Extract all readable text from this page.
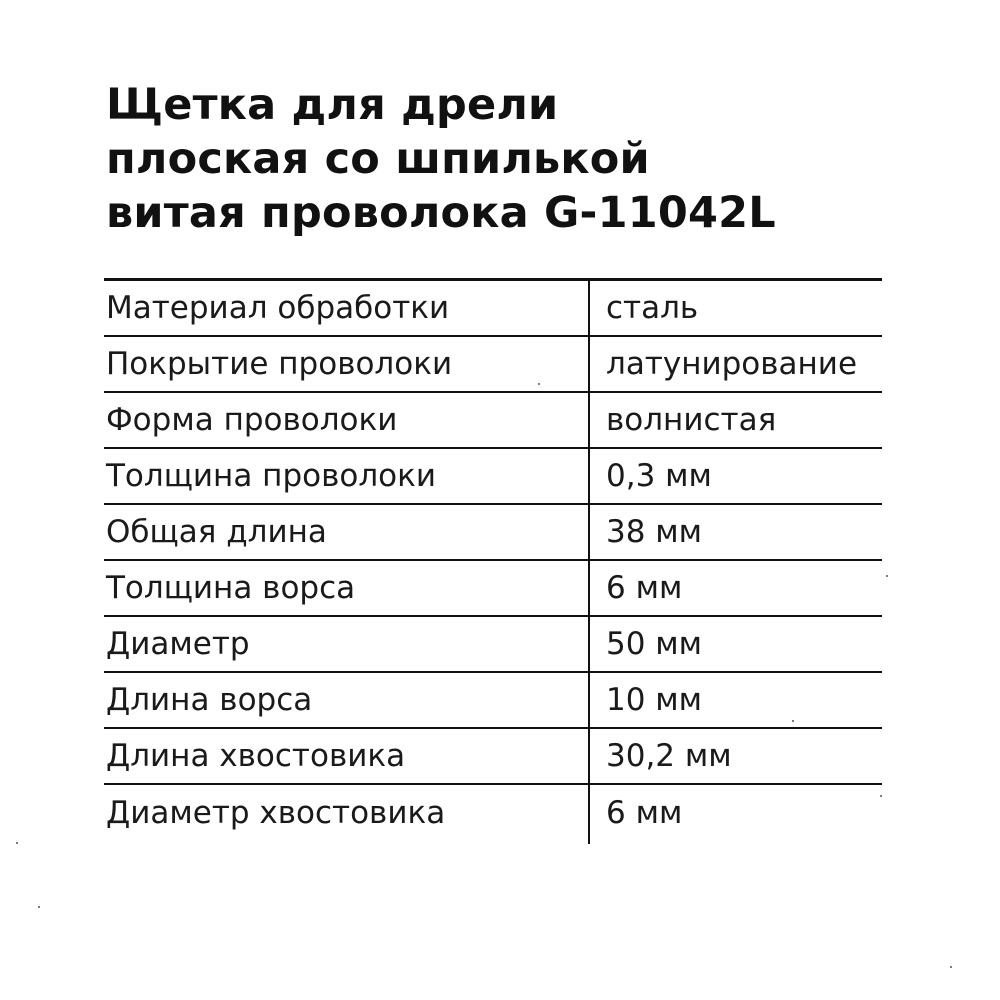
Щетка для дрели
плоская со шпилькой
витая проволока G-11042L
Материал обработки	сталь
Покрытие проволоки	латунирование
Форма проволоки	волнистая
Толщина проволоки	0,3 мм
Общая длина	38 мм
Толщина ворса	6 мм
Диаметр	50 мм
Длина ворса	10 мм
Длина хвостовика	30,2 мм
Диаметр хвостовика	6 мм
